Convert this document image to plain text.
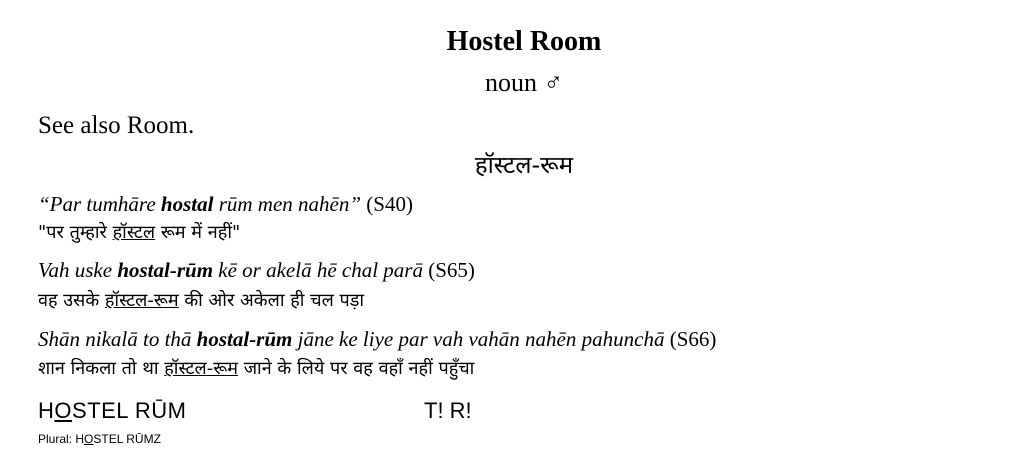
Hostel Room
noun ♂
See also Room.
हॉस्टल-रूम
“Par tumhāre hostal rūm men nahēn” (S40)
"पर तुम्हारे हॉस्टल रूम में नहीं"
Vah uske hostal-rūm kē or akelā hē chal parā (S65)
वह उसके हॉस्टल-रूम की ओर अकेला ही चल पड़ा
Shān nikalā to thā hostal-rūm jāne ke liye par vah vahān nahēn pahunchā (S66)
शान निकला तो था हॉस्टल-रूम जाने के लिये पर वह वहाँ नहीं पहुँचा
HOSTEL RŪM	T! R!
Plural: HOSTEL RŪMZ
